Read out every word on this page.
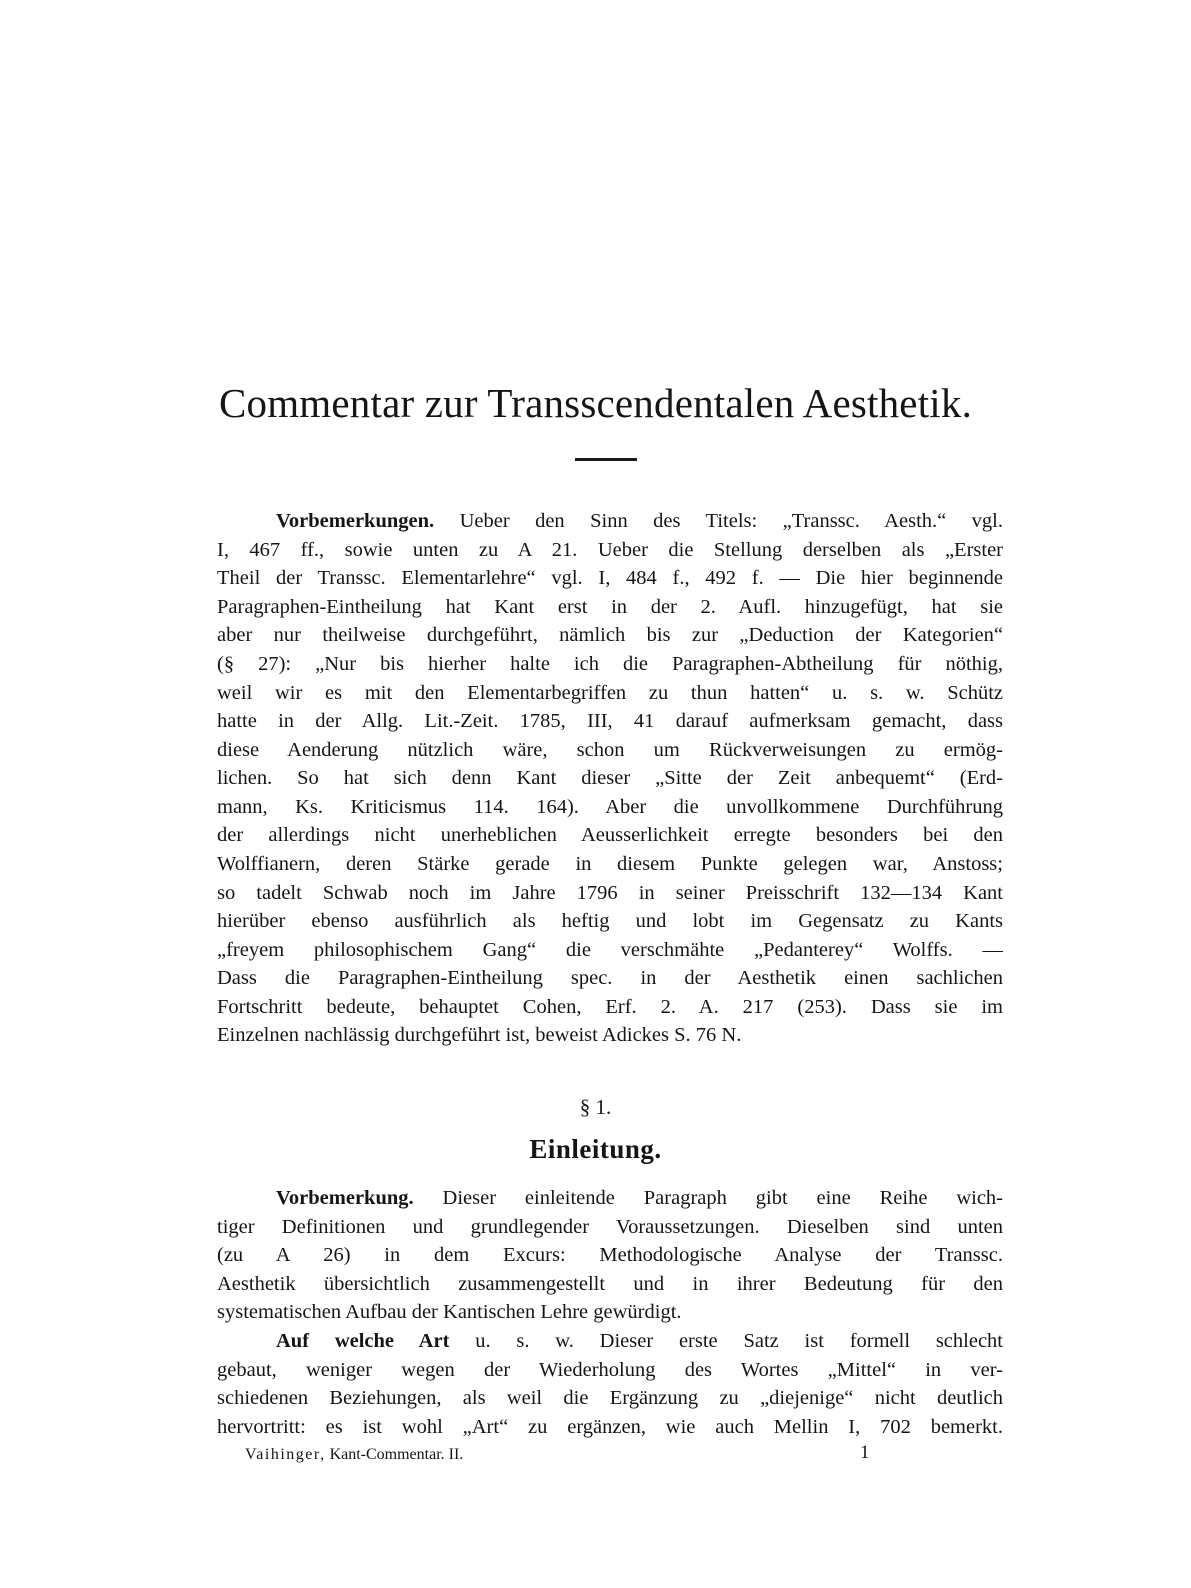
Commentar zur Transscendentalen Aesthetik.
Vorbemerkungen. Ueber den Sinn des Titels: „Transsc. Aesth.“ vgl.
I, 467 ff., sowie unten zu A 21. Ueber die Stellung derselben als „Erster
Theil der Transsc. Elementarlehre“ vgl. I, 484 f., 492 f. — Die hier beginnende
Paragraphen-Eintheilung hat Kant erst in der 2. Aufl. hinzugefügt, hat sie
aber nur theilweise durchgeführt, nämlich bis zur „Deduction der Kategorien“
(§ 27): „Nur bis hierher halte ich die Paragraphen-Abtheilung für nöthig,
weil wir es mit den Elementarbegriffen zu thun hatten“ u. s. w. Schütz
hatte in der Allg. Lit.-Zeit. 1785, III, 41 darauf aufmerksam gemacht, dass
diese Aenderung nützlich wäre, schon um Rückverweisungen zu ermög-
lichen. So hat sich denn Kant dieser „Sitte der Zeit anbequemt“ (Erd-
mann, Ks. Kriticismus 114. 164). Aber die unvollkommene Durchführung
der allerdings nicht unerheblichen Aeusserlichkeit erregte besonders bei den
Wolffianern, deren Stärke gerade in diesem Punkte gelegen war, Anstoss;
so tadelt Schwab noch im Jahre 1796 in seiner Preisschrift 132—134 Kant
hierüber ebenso ausführlich als heftig und lobt im Gegensatz zu Kants
„freyem philosophischem Gang“ die verschmähte „Pedanterey“ Wolffs. —
Dass die Paragraphen-Eintheilung spec. in der Aesthetik einen sachlichen
Fortschritt bedeute, behauptet Cohen, Erf. 2. A. 217 (253). Dass sie im
Einzelnen nachlässig durchgeführt ist, beweist Adickes S. 76 N.
§ 1.
Einleitung.
Vorbemerkung. Dieser einleitende Paragraph gibt eine Reihe wich-
tiger Definitionen und grundlegender Voraussetzungen. Dieselben sind unten
(zu A 26) in dem Excurs: Methodologische Analyse der Transsc.
Aesthetik übersichtlich zusammengestellt und in ihrer Bedeutung für den
systematischen Aufbau der Kantischen Lehre gewürdigt.
Auf welche Art u. s. w. Dieser erste Satz ist formell schlecht
gebaut, weniger wegen der Wiederholung des Wortes „Mittel“ in ver-
schiedenen Beziehungen, als weil die Ergänzung zu „diejenige“ nicht deutlich
hervortritt: es ist wohl „Art“ zu ergänzen, wie auch Mellin I, 702 bemerkt.
Vaihinger, Kant-Commentar. II.	1
